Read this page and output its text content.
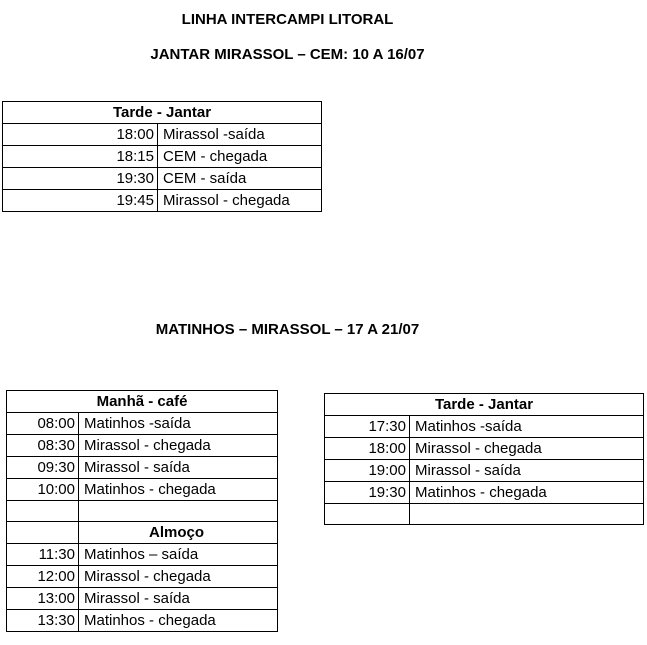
LINHA INTERCAMPI LITORAL
JANTAR MIRASSOL – CEM: 10 A 16/07
Tarde - Jantar	
18:00	Mirassol -saída
18:15	CEM - chegada
19:30	CEM - saída
19:45	Mirassol - chegada
MATINHOS – MIRASSOL – 17 A 21/07
Manhã - café	
08:00	Matinhos -saída
08:30	Mirassol - chegada
09:30	Mirassol - saída
10:00	Matinhos - chegada

	Almoço
11:30	Matinhos – saída
12:00	Mirassol - chegada
13:00	Mirassol - saída
13:30	Matinhos - chegada
Tarde - Jantar	
17:30	Matinhos -saída
18:00	Mirassol - chegada
19:00	Mirassol - saída
19:30	Matinhos - chegada
